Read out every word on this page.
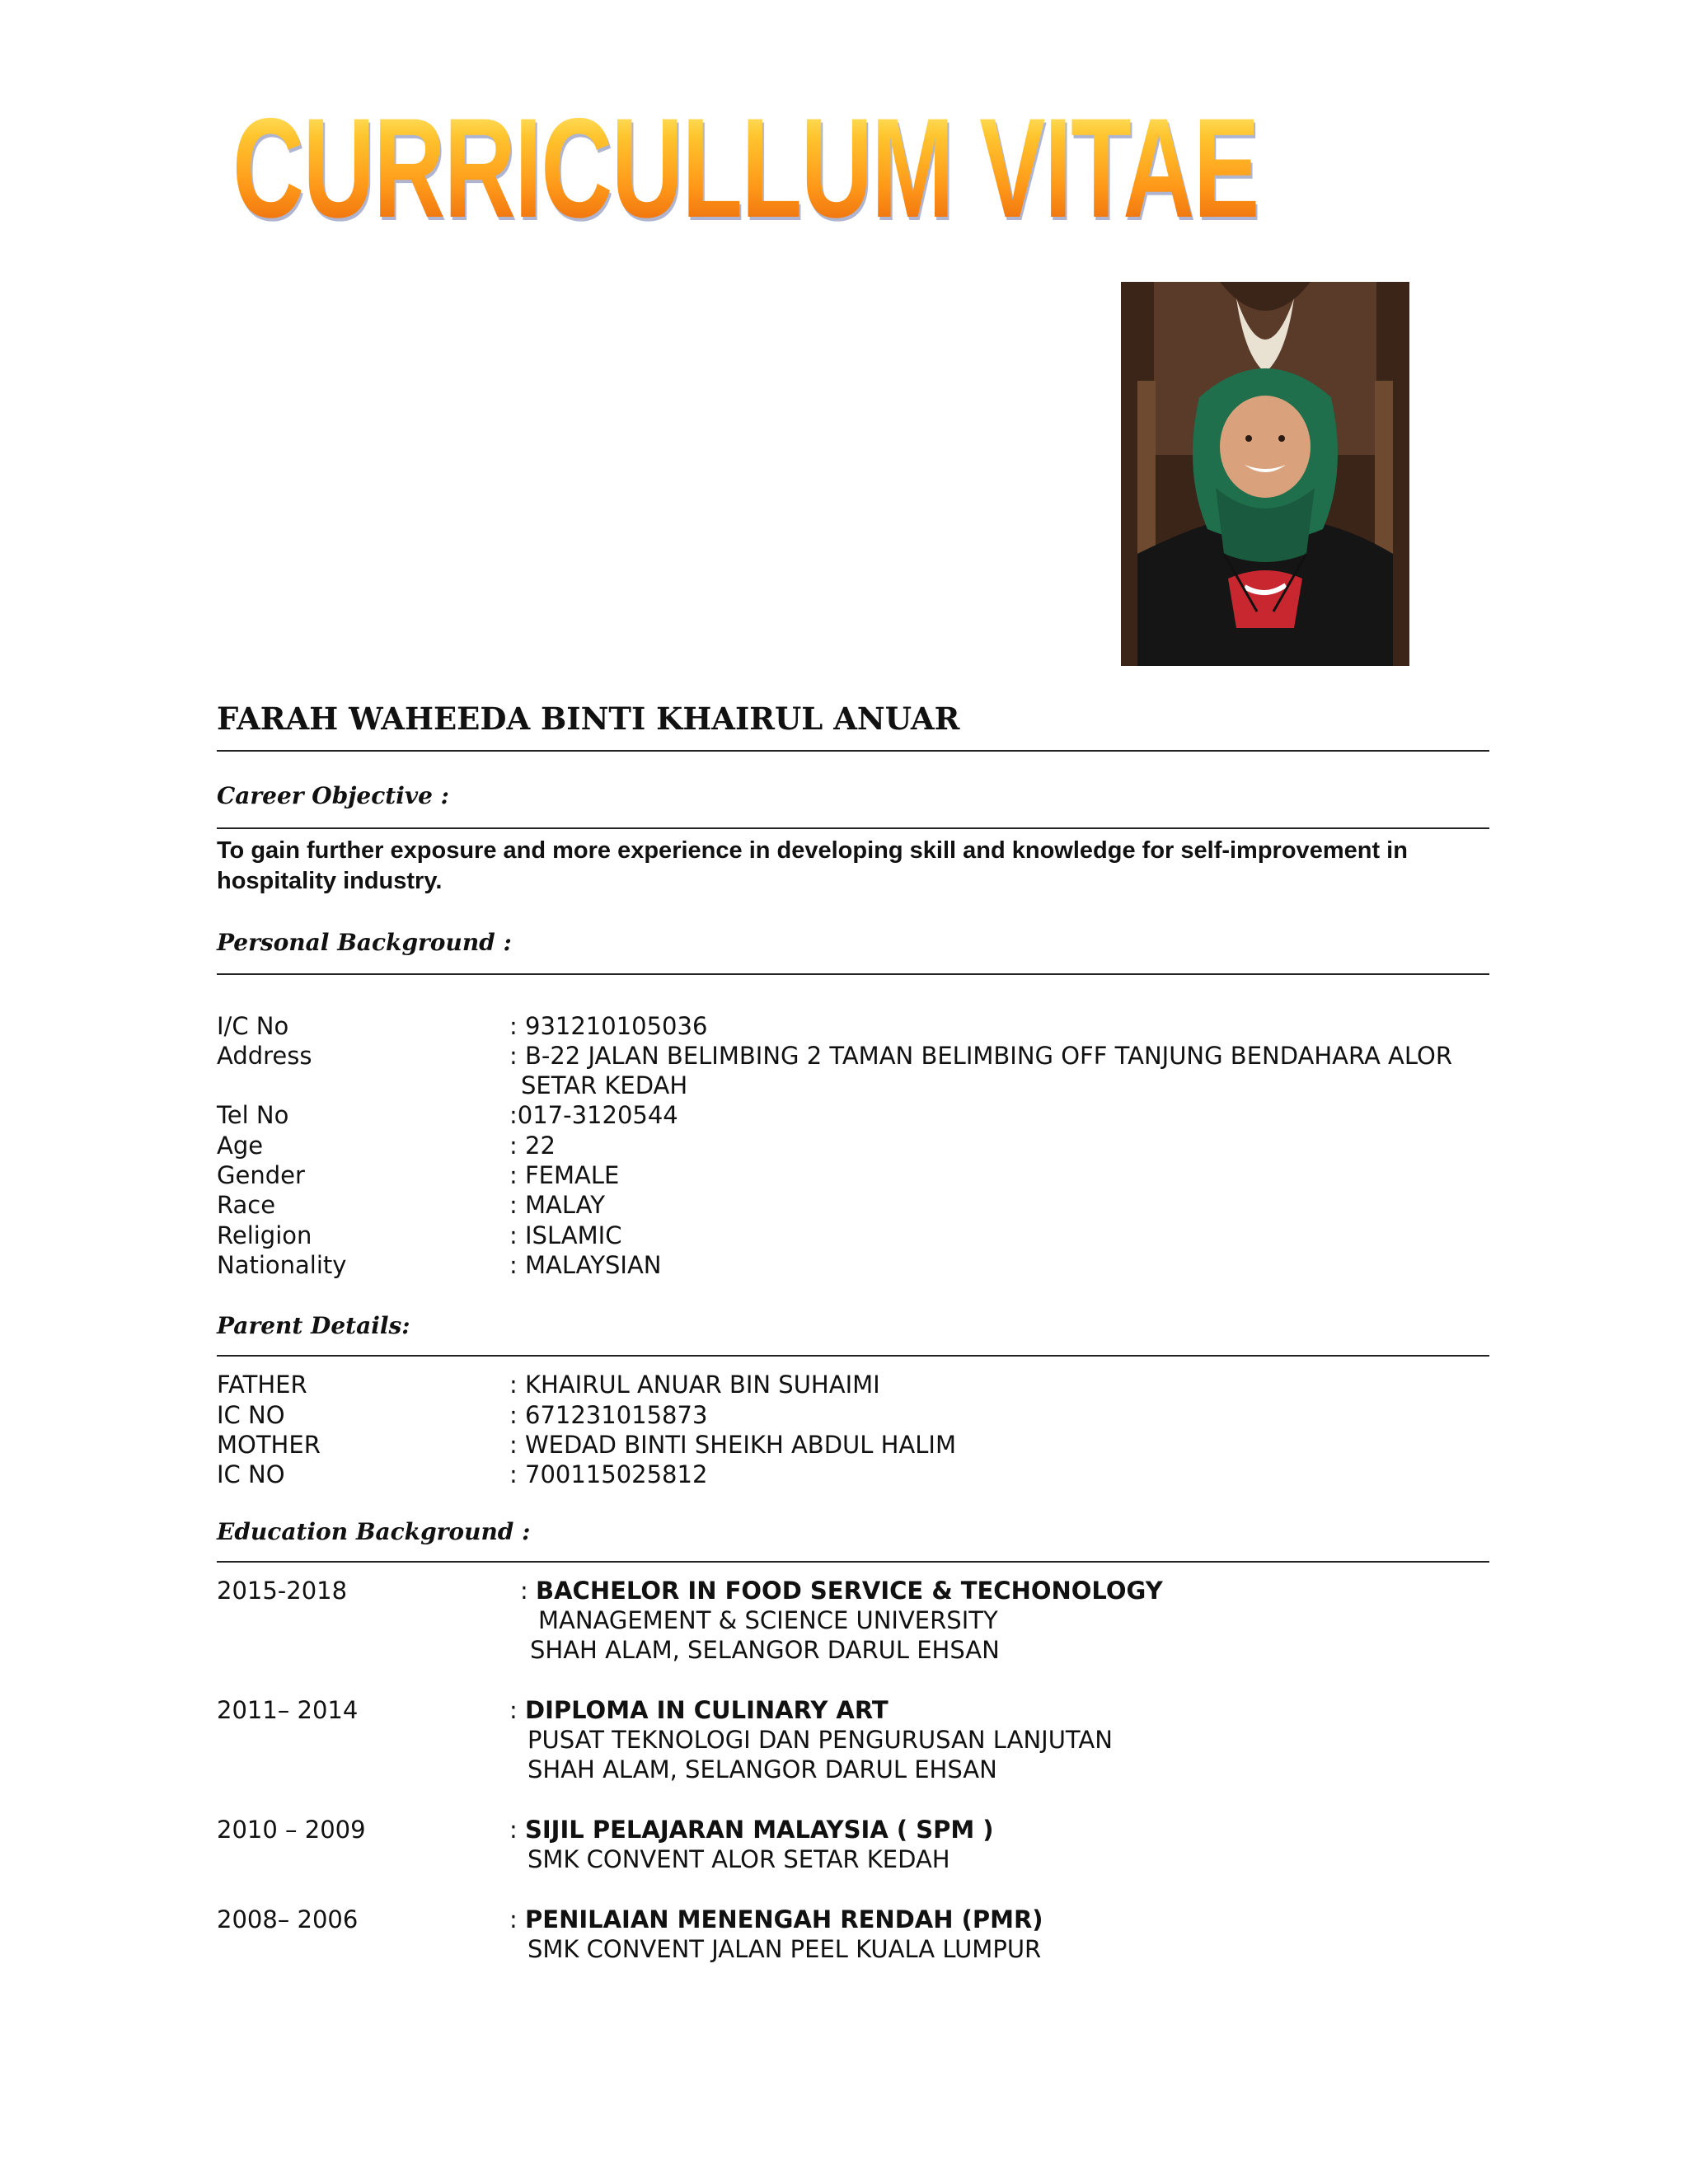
CURRICULLUM VITAE
FARAH WAHEEDA BINTI KHAIRUL ANUAR
Career Objective :

To gain further exposure and more experience in developing skill and knowledge for self-improvement in hospitality industry.

Personal Background :
I/C No	: 931210105036
Address	: B-22 JALAN BELIMBING 2 TAMAN BELIMBING OFF TANJUNG BENDAHARA ALOR
SETAR KEDAH
Tel No	: 017-3120544
Age	: 22
Gender	: FEMALE
Race	: MALAY
Religion	: ISLAMIC
Nationality	: MALAYSIAN
Parent Details:
FATHER	: KHAIRUL ANUAR BIN SUHAIMI
IC NO	: 671231015873
MOTHER	: WEDAD BINTI SHEIKH ABDUL HALIM
IC NO	: 700115025812
Education Background :
2015-2018	: BACHELOR IN FOOD SERVICE & TECHONOLOGY
MANAGEMENT & SCIENCE UNIVERSITY
SHAH ALAM, SELANGOR DARUL EHSAN
2011– 2014	: DIPLOMA IN CULINARY ART
PUSAT TEKNOLOGI DAN PENGURUSAN LANJUTAN
SHAH ALAM, SELANGOR DARUL EHSAN
2010 – 2009	: SIJIL PELAJARAN MALAYSIA ( SPM )
SMK CONVENT ALOR SETAR KEDAH
2008– 2006	: PENILAIAN MENENGAH RENDAH (PMR)
SMK CONVENT JALAN PEEL KUALA LUMPUR
